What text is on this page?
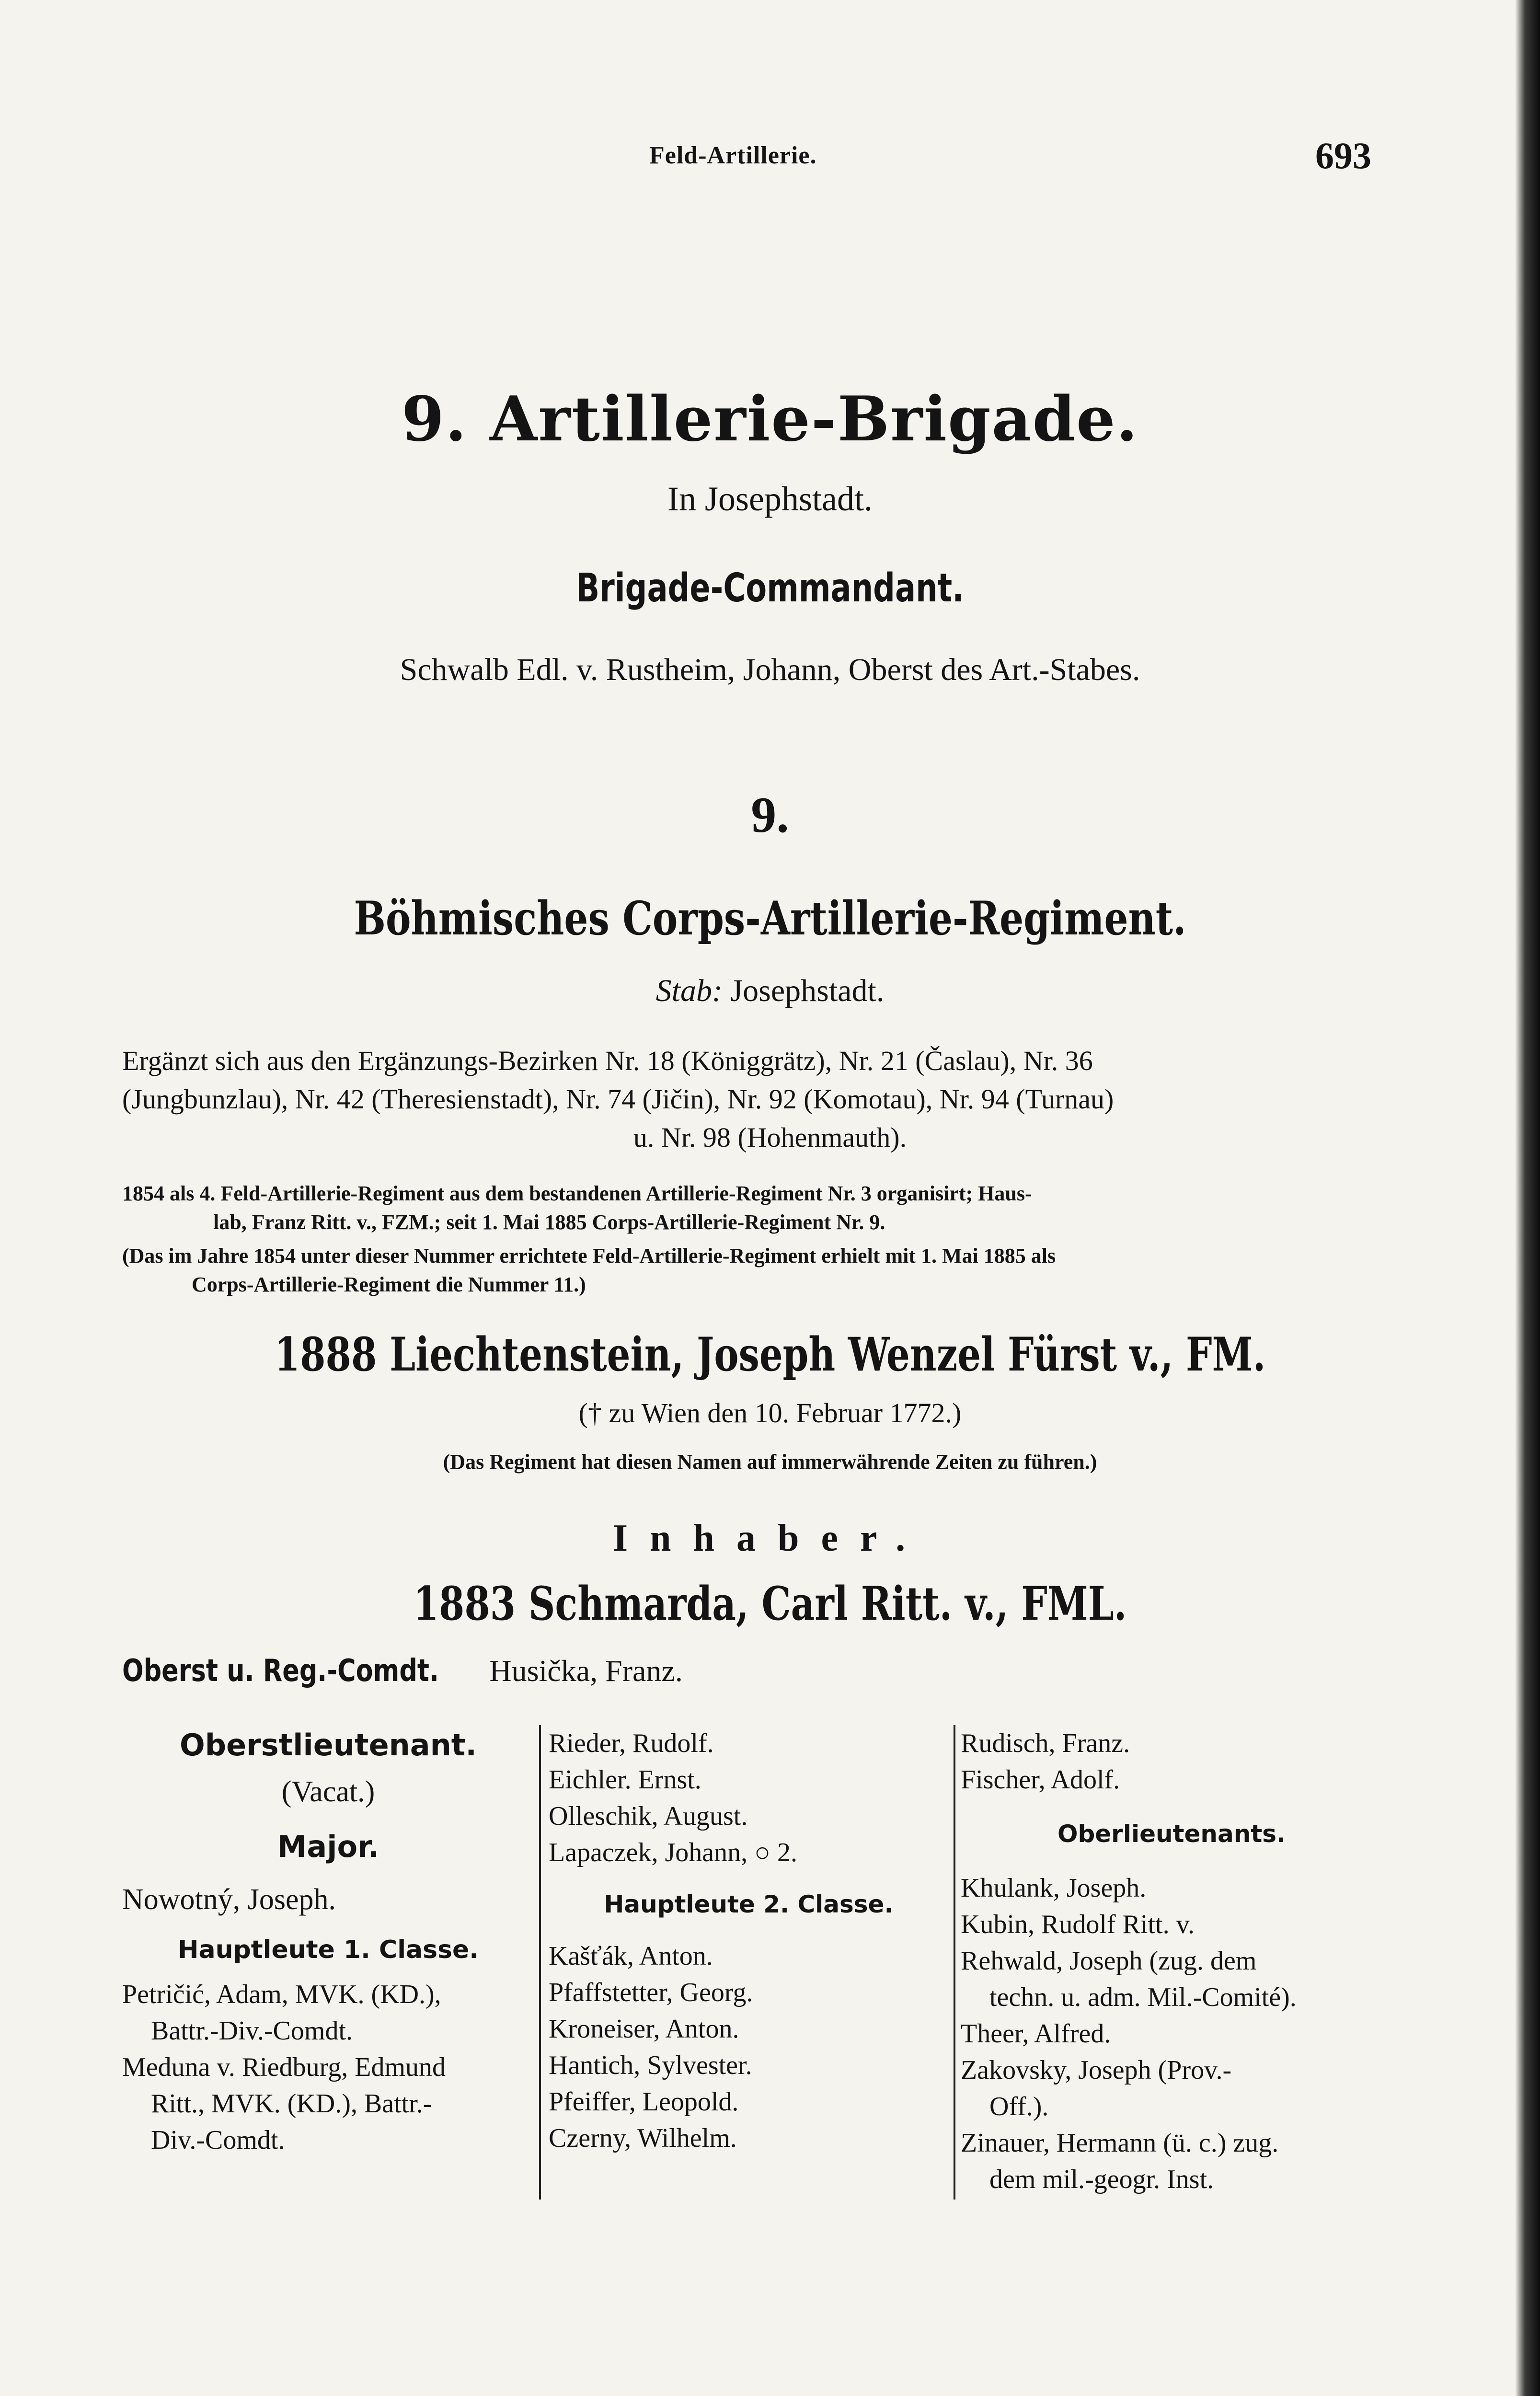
Feld-Artillerie.	693
9. Artillerie-Brigade.
In Josephstadt.
Brigade-Commandant.
Schwalb Edl. v. Rustheim, Johann, Oberst des Art.-Stabes.
9.
Böhmisches Corps-Artillerie-Regiment.
Stab: Josephstadt.
Ergänzt sich aus den Ergänzungs-Bezirken Nr. 18 (Königgrätz), Nr. 21 (Časlau), Nr. 36
(Jungbunzlau), Nr. 42 (Theresienstadt), Nr. 74 (Jičin), Nr. 92 (Komotau), Nr. 94 (Turnau)
u. Nr. 98 (Hohenmauth).
1854 als 4. Feld-Artillerie-Regiment aus dem bestandenen Artillerie-Regiment Nr. 3 organisirt; Haus-
lab, Franz Ritt. v., FZM.; seit 1. Mai 1885 Corps-Artillerie-Regiment Nr. 9.
(Das im Jahre 1854 unter dieser Nummer errichtete Feld-Artillerie-Regiment erhielt mit 1. Mai 1885 als
Corps-Artillerie-Regiment die Nummer 11.)
1888 Liechtenstein, Joseph Wenzel Fürst v., FM.
(† zu Wien den 10. Februar 1772.)
(Das Regiment hat diesen Namen auf immerwährende Zeiten zu führen.)
Inhaber.
1883 Schmarda, Carl Ritt. v., FML.
Oberst u. Reg.-Comdt. Husička, Franz.
Oberstlieutenant.
(Vacat.)
Major.
Nowotný, Joseph.
Hauptleute 1. Classe.
Petričić, Adam, MVK. (KD.),
Battr.-Div.-Comdt.
Meduna v. Riedburg, Edmund
Ritt., MVK. (KD.), Battr.-
Div.-Comdt.
Rieder, Rudolf.
Eichler. Ernst.
Olleschik, August.
Lapaczek, Johann, ○ 2.
Hauptleute 2. Classe.
Kašťák, Anton.
Pfaffstetter, Georg.
Kroneiser, Anton.
Hantich, Sylvester.
Pfeiffer, Leopold.
Czerny, Wilhelm.
Rudisch, Franz.
Fischer, Adolf.
Oberlieutenants.
Khulank, Joseph.
Kubin, Rudolf Ritt. v.
Rehwald, Joseph (zug. dem
techn. u. adm. Mil.-Comité).
Theer, Alfred.
Zakovsky, Joseph (Prov.-
Off.).
Zinauer, Hermann (ü. c.) zug.
dem mil.-geogr. Inst.
